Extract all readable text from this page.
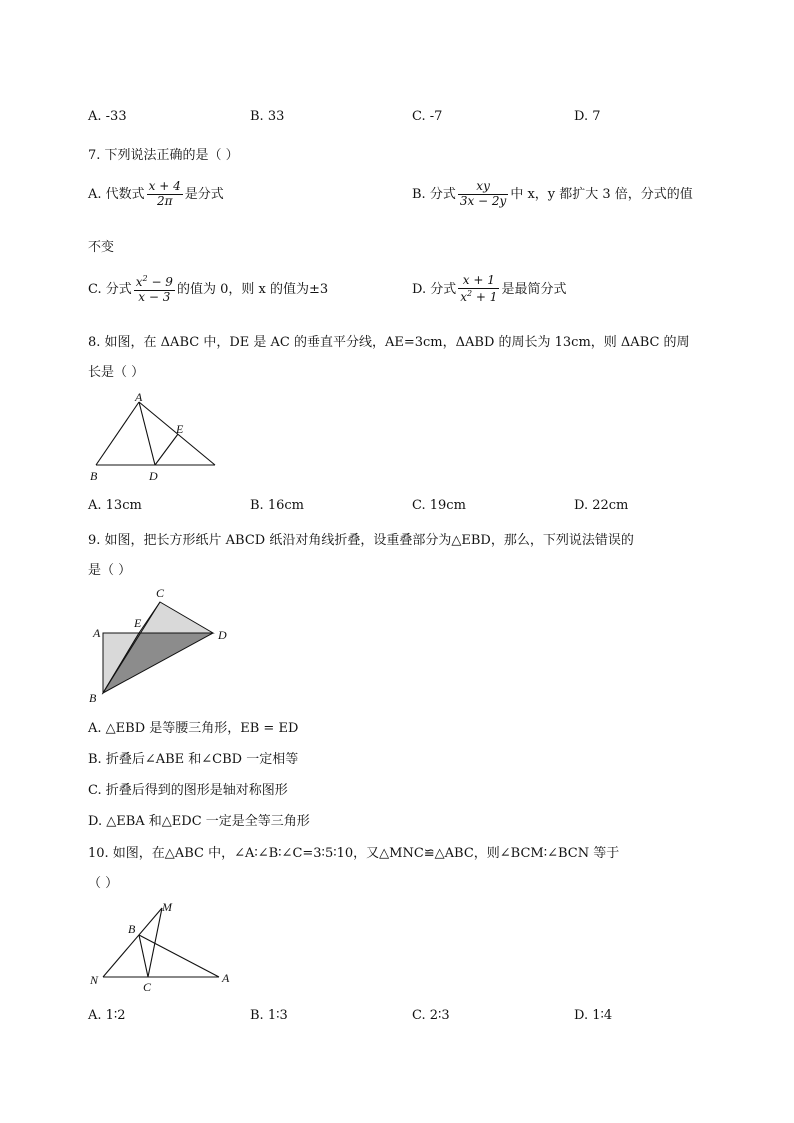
A. -33	B. 33	C. -7	D. 7
7. 下列说法正确的是（ ）
A. 代数式 $\frac{x + 4}{2\pi}$ 是分式	B. 分式 $\frac{xy}{3x - 2y}$ 中 x，y 都扩大 3 倍，分式的值
不变
C. 分式 $\frac{x^2 - 9}{x - 3}$ 的值为 0，则 x 的值为±3	D. 分式 $\frac{x + 1}{x^2 + 1}$ 是最简分式
8. 如图，在 ΔABC 中，DE 是 AC 的垂直平分线，AE=3cm，ΔABD 的周长为 13cm，则 ΔABC 的周
长是（ ）
A
B	D
E
A. 13cm	B. 16cm	C. 19cm	D. 22cm
9. 如图，把长方形纸片 ABCD 纸沿对角线折叠，设重叠部分为△EBD，那么，下列说法错误的
是（ ）
A
B
C
D
E
A. △EBD 是等腰三角形，EB = ED
B. 折叠后∠ABE 和∠CBD 一定相等
C. 折叠后得到的图形是轴对称图形
D. △EBA 和△EDC 一定是全等三角形
10. 如图，在△ABC 中，∠A∶∠B∶∠C=3∶5∶10，又△MNC≌△ABC，则∠BCM∶∠BCN 等于
（ ）
M
B
N	C
A
A. 1∶2	B. 1∶3	C. 2∶3	D. 1∶4
